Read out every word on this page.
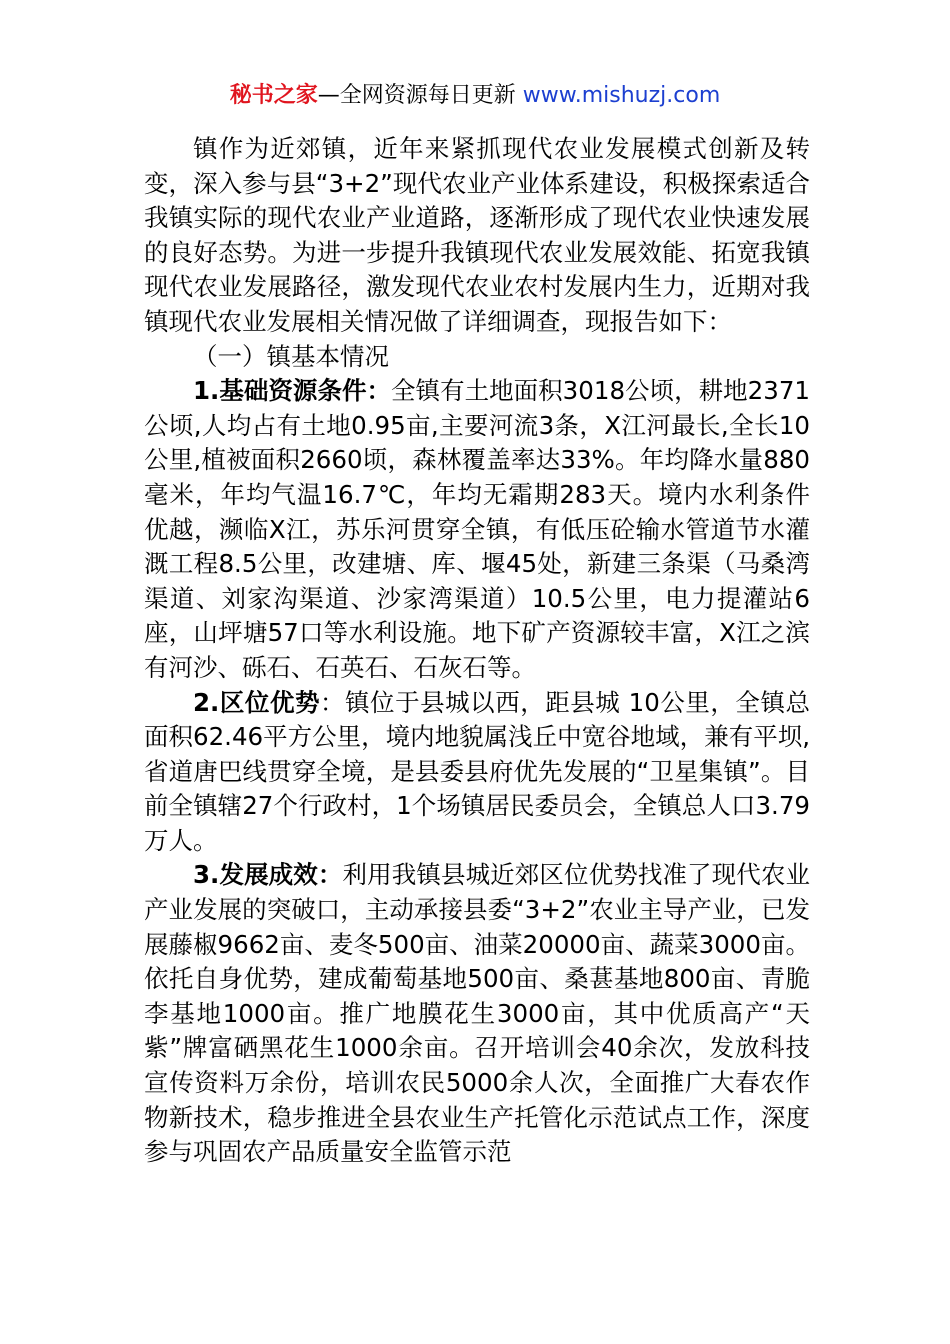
秘书之家—全网资源每日更新 www.mishuzj.com

镇作为近郊镇，近年来紧抓现代农业发展模式创新及转变，深入参与县“3+2”现代农业产业体系建设，积极探索适合我镇实际的现代农业产业道路，逐渐形成了现代农业快速发展的良好态势。为进一步提升我镇现代农业发展效能、拓宽我镇现代农业发展路径，激发现代农业农村发展内生力，近期对我镇现代农业发展相关情况做了详细调查，现报告如下：

（一）镇基本情况

1.基础资源条件：全镇有土地面积3018公顷，耕地2371公顷,人均占有土地0.95亩,主要河流3条，X江河最长,全长10公里,植被面积2660顷，森林覆盖率达33%。年均降水量880毫米，年均气温16.7℃，年均无霜期283天。境内水利条件优越，濒临X江，苏乐河贯穿全镇，有低压砼输水管道节水灌溉工程8.5公里，改建塘、库、堰45处，新建三条渠（马桑湾渠道、刘家沟渠道、沙家湾渠道）10.5公里，电力提灌站6座，山坪塘57口等水利设施。地下矿产资源较丰富，X江之滨有河沙、砾石、石英石、石灰石等。

2.区位优势：镇位于县城以西，距县城 10公里，全镇总面积62.46平方公里，境内地貌属浅丘中宽谷地域，兼有平坝,省道唐巴线贯穿全境，是县委县府优先发展的“卫星集镇”。目前全镇辖27个行政村，1个场镇居民委员会，全镇总人口3.79万人。

3.发展成效：利用我镇县城近郊区位优势找准了现代农业产业发展的突破口，主动承接县委“3+2”农业主导产业，已发展藤椒9662亩、麦冬500亩、油菜20000亩、蔬菜3000亩。依托自身优势，建成葡萄基地500亩、桑葚基地800亩、青脆李基地1000亩。推广地膜花生3000亩，其中优质高产“天紫”牌富硒黑花生1000余亩。召开培训会40余次，发放科技宣传资料万余份，培训农民5000余人次，全面推广大春农作物新技术，稳步推进全县农业生产托管化示范试点工作，深度参与巩固农产品质量安全监管示范
